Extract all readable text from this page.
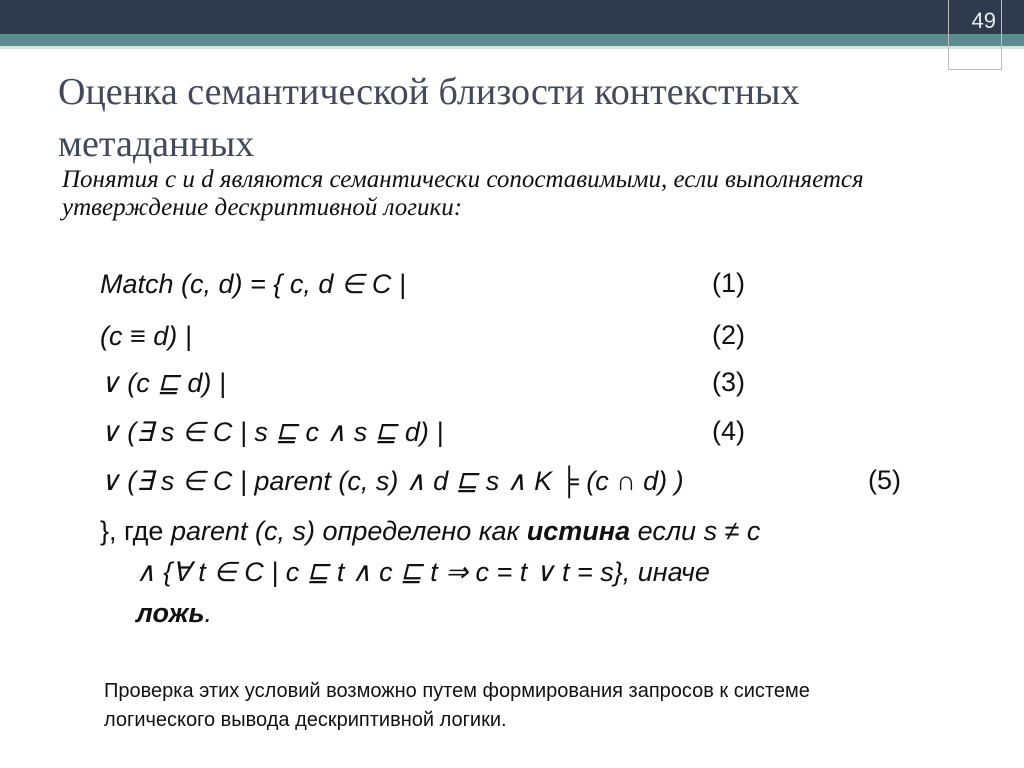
49
Оценка семантической близости контекстных метаданных
Понятия c и d являются семантически сопоставимыми, если выполняется утверждение дескриптивной логики:
Match (c, d) = { c, d ∈ C |	(1)
(c ≡ d) |	(2)
∨ (c ⊑ d) |	(3)
∨ (∃ s ∈ C | s ⊑ c ∧ s ⊑ d) |	(4)
∨ (∃ s ∈ C | parent (c, s) ∧ d ⊑ s ∧ K ╞ (c ∩ d) )	(5)
}, где parent (c, s) определено как истина если s ≠ c
∧ {∀ t ∈ C | c ⊑ t ∧ c ⊑ t ⇒ c = t ∨ t = s}, иначе
ложь.
Проверка этих условий возможно путем формирования запросов к системе логического вывода дескриптивной логики.
